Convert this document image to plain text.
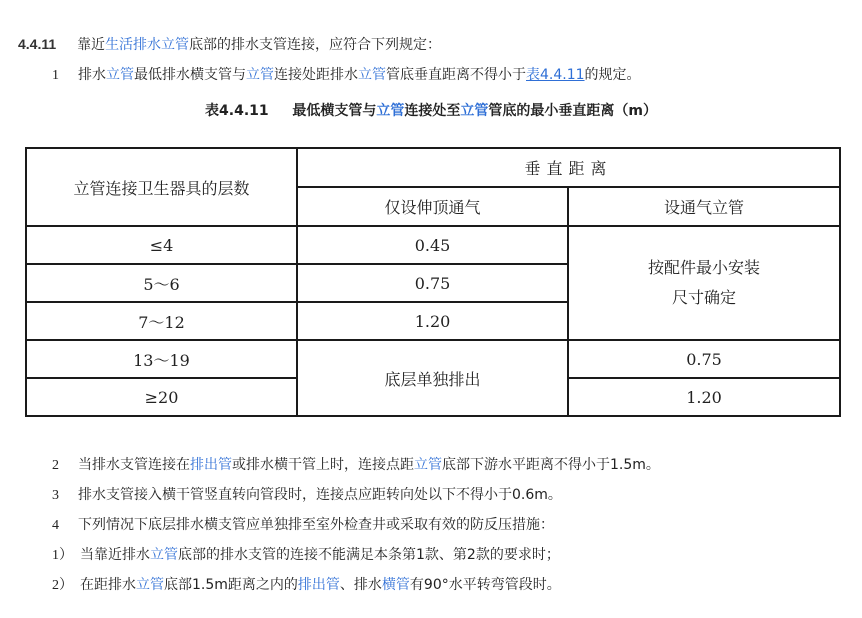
4.4.11 靠近生活排水立管底部的排水支管连接，应符合下列规定：
1 排水立管最低排水横支管与立管连接处距排水立管管底垂直距离不得小于表4.4.11的规定。
表4.4.11 最低横支管与立管连接处至立管管底的最小垂直距离（m）
立管连接卫生器具的层数	垂直距离	
	仅设伸顶通气	设通气立管
≤4	0.45	按配件最小安装
尺寸确定

5～6	0.75	
7～12	1.20	
13～19	底层单独排出	0.75
≥20		1.20
2 当排水支管连接在排出管或排水横干管上时，连接点距立管底部下游水平距离不得小于1.5m。
3 排水支管接入横干管竖直转向管段时，连接点应距转向处以下不得小于0.6m。
4 下列情况下底层排水横支管应单独排至室外检查井或采取有效的防反压措施：
1） 当靠近排水立管底部的排水支管的连接不能满足本条第1款、第2款的要求时；
2） 在距排水立管底部1.5m距离之内的排出管、排水横管有90°水平转弯管段时。
